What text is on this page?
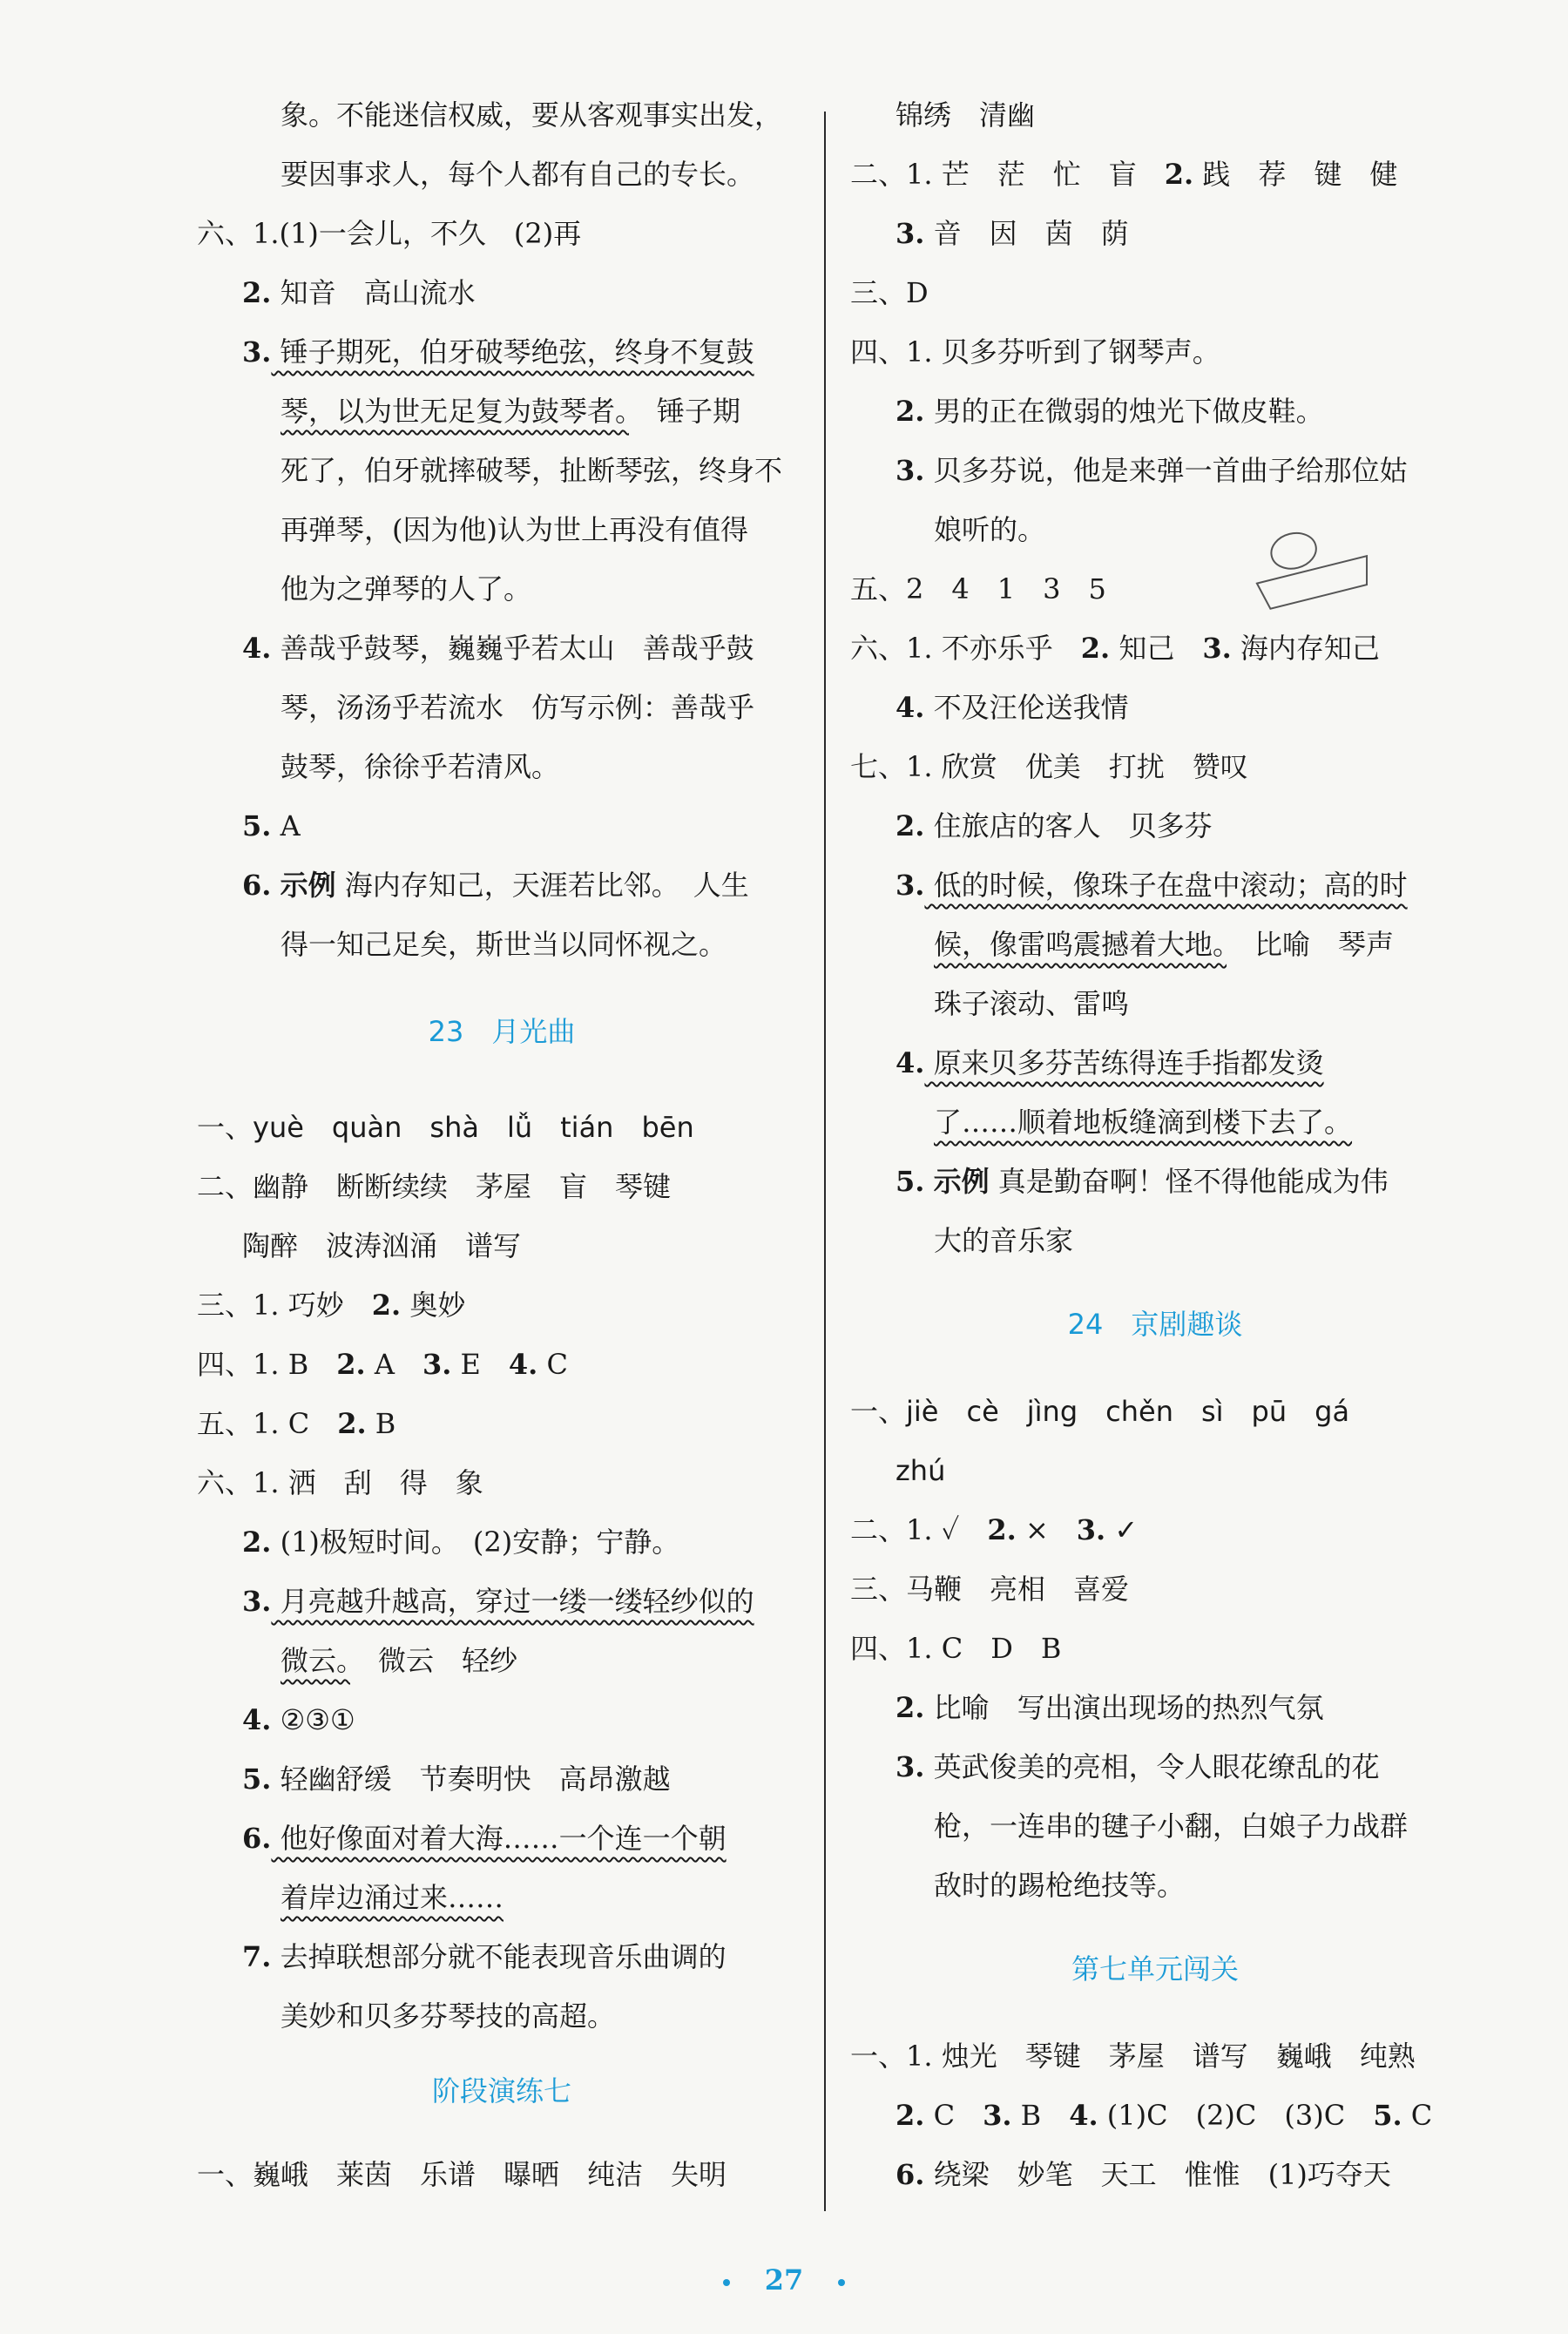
象。不能迷信权威，要从客观事实出发，
要因事求人，每个人都有自己的专长。
六、1.(1)一会儿，不久　(2)再
2. 知音　高山流水
3. 锤子期死，伯牙破琴绝弦，终身不复鼓
琴，以为世无足复为鼓琴者。　锤子期
死了，伯牙就摔破琴，扯断琴弦，终身不
再弹琴，(因为他)认为世上再没有值得
他为之弹琴的人了。
4. 善哉乎鼓琴，巍巍乎若太山　善哉乎鼓
琴，汤汤乎若流水　仿写示例：善哉乎
鼓琴，徐徐乎若清风。
5. A
6. 示例 海内存知己，天涯若比邻。　人生
得一知己足矣，斯世当以同怀视之。
一、yuè　quàn　shà　lǚ　tián　bēn
二、幽静　断断续续　茅屋　盲　琴键
陶醉　波涛汹涌　谱写
三、1. 巧妙　2. 奥妙
四、1. B　2. A　3. E　4. C
五、1. C　2. B
六、1. 洒　刮　得　象
2. (1)极短时间。　(2)安静；宁静。
3. 月亮越升越高，穿过一缕一缕轻纱似的
微云。　微云　轻纱
4. ②③①
5. 轻幽舒缓　节奏明快　高昂激越
6. 他好像面对着大海……一个连一个朝
着岸边涌过来……
7. 去掉联想部分就不能表现音乐曲调的
美妙和贝多芬琴技的高超。
一、巍峨　莱茵　乐谱　曝晒　纯洁　失明
23　月光曲
阶段演练七
锦绣　清幽
二、1. 芒　茫　忙　盲　2. 践　荐　键　健
3. 音　因　茵　荫
三、D
四、1. 贝多芬听到了钢琴声。
2. 男的正在微弱的烛光下做皮鞋。
3. 贝多芬说，他是来弹一首曲子给那位姑
娘听的。
五、2　4　1　3　5
六、1. 不亦乐乎　2. 知己　3. 海内存知己
4. 不及汪伦送我情
七、1. 欣赏　优美　打扰　赞叹
2. 住旅店的客人　贝多芬
3. 低的时候，像珠子在盘中滚动；高的时
候，像雷鸣震撼着大地。　比喻　琴声
珠子滚动、雷鸣
4. 原来贝多芬苦练得连手指都发烫
了……顺着地板缝滴到楼下去了。
5. 示例 真是勤奋啊！怪不得他能成为伟
大的音乐家
一、jiè　cè　jìng　chěn　sì　pū　gá
zhú
二、1. ✓　2. ×　3. ✓
三、马鞭　亮相　喜爱
四、1. C　D　B
2. 比喻　写出演出现场的热烈气氛
3. 英武俊美的亮相，令人眼花缭乱的花
枪，一连串的毽子小翻，白娘子力战群
敌时的踢枪绝技等。
一、1. 烛光　琴键　茅屋　谱写　巍峨　纯熟
2. C　3. B　4. (1)C　(2)C　(3)C　5. C
6. 绕梁　妙笔　天工　惟惟　(1)巧夺天
24　京剧趣谈
第七单元闯关
27
